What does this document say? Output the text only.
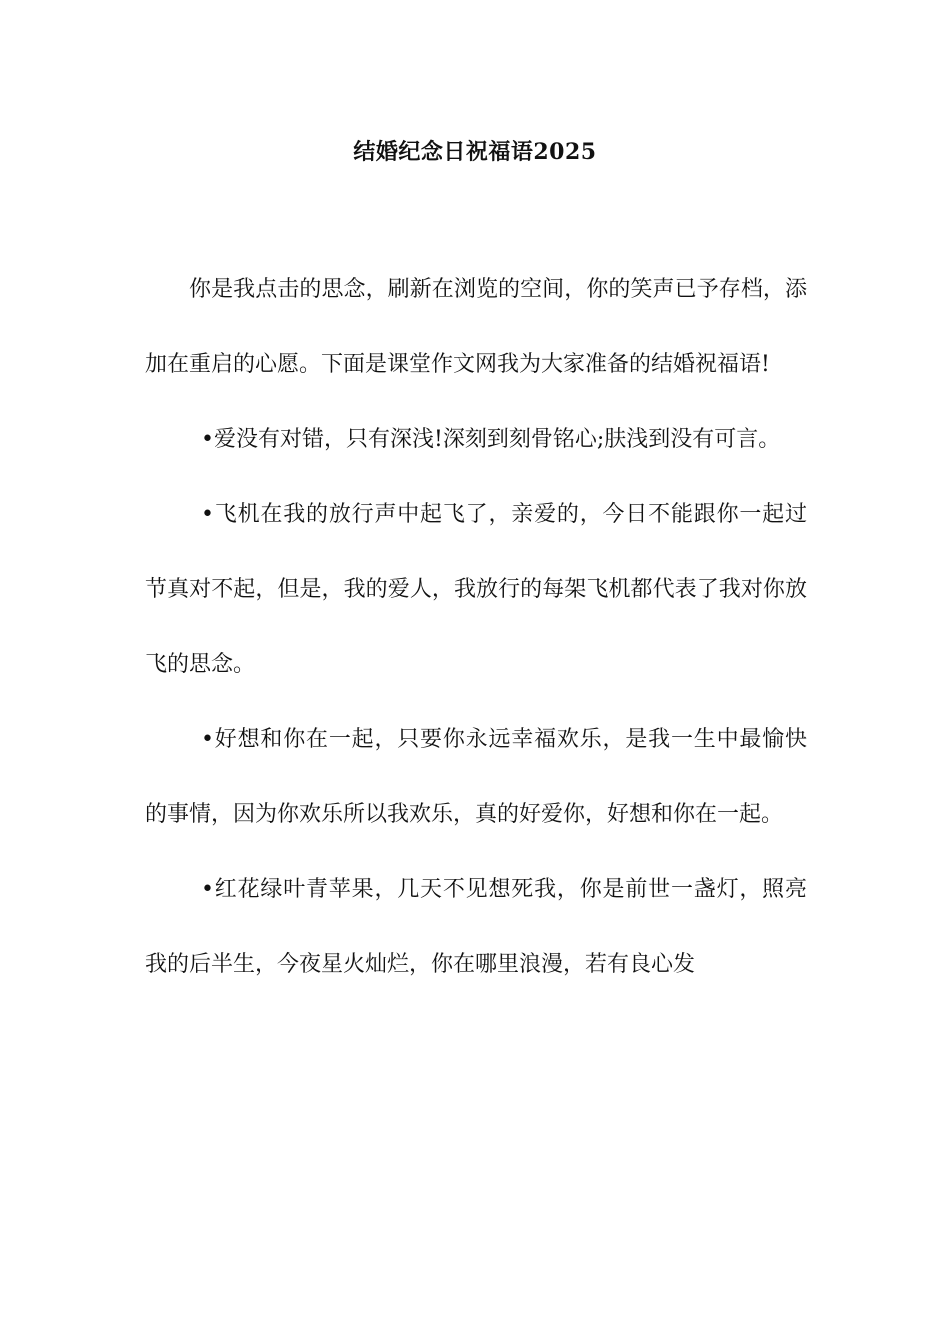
结婚纪念日祝福语2025

你是我点击的思念，刷新在浏览的空间，你的笑声已予存档，添加在重启的心愿。下面是课堂作文网我为大家准备的结婚祝福语!

•爱没有对错，只有深浅!深刻到刻骨铭心;肤浅到没有可言。

•飞机在我的放行声中起飞了，亲爱的，今日不能跟你一起过节真对不起，但是，我的爱人，我放行的每架飞机都代表了我对你放飞的思念。

•好想和你在一起，只要你永远幸福欢乐，是我一生中最愉快的事情，因为你欢乐所以我欢乐，真的好爱你，好想和你在一起。

•红花绿叶青苹果，几天不见想死我，你是前世一盏灯，照亮我的后半生，今夜星火灿烂，你在哪里浪漫，若有良心发
